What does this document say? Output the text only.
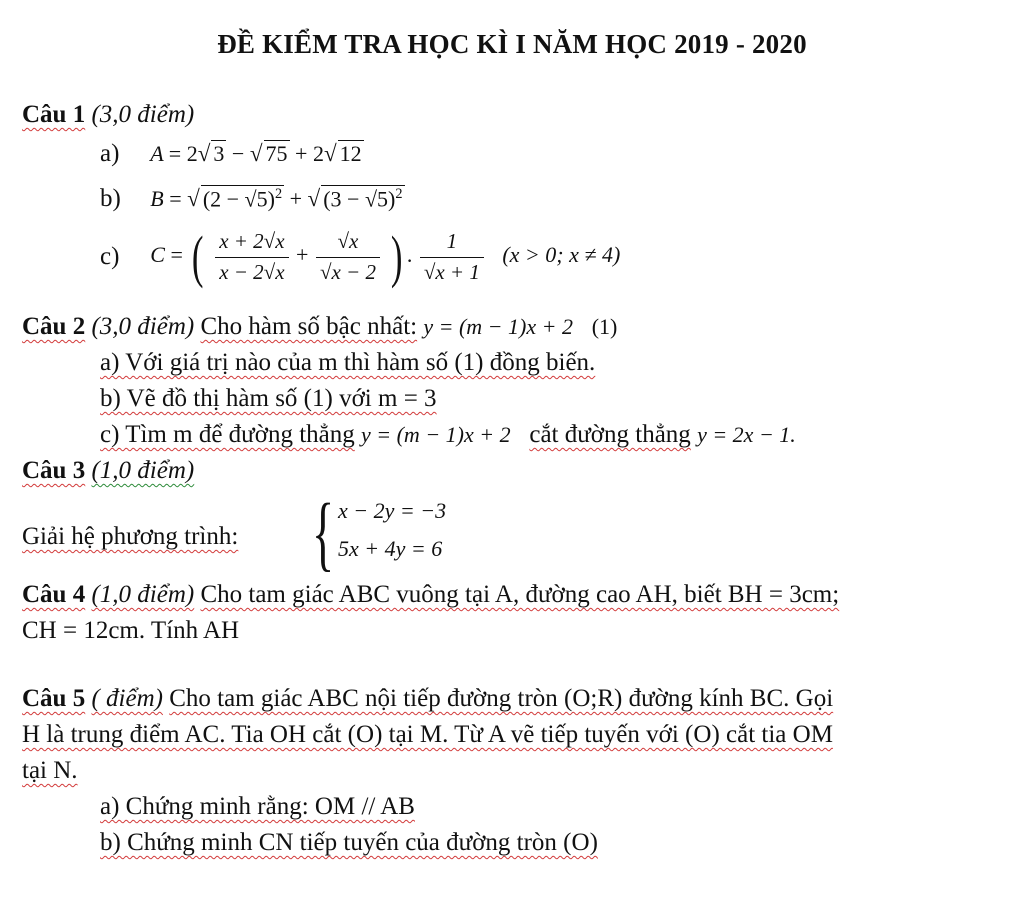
ĐỀ KIỂM TRA HỌC KÌ I NĂM HỌC 2019 - 2020
Câu 1 (3,0 điểm)
a) A = 2 √ 3 − √ 75 + 2 √ 12
b) B = √ $(2 - √5)^2$ + √ $(3 - √5)^2$
c) C = ( $\frac{x + 2√x}{x - 2√x} + \frac{√x}{√x - 2}$ ) . $\frac{1}{√x + 1} (x > 0$; x ≠ 4)
Câu 2 (3,0 điểm) Cho hàm số bậc nhất: y = (m − 1)x + 2 (1)
a) Với giá trị nào của m thì hàm số (1) đồng biến.
b) Vẽ đồ thị hàm số (1) với m = 3
c) Tìm m để đường thẳng y = (m − 1)x + 2 cắt đường thẳng y = 2x − 1.
Câu 3 (1,0 điểm)
Giải hệ phương trình: { x − 2y = −3
5x + 4y = 6
Câu 4 (1,0 điểm) Cho tam giác ABC vuông tại A, đường cao AH, biết BH = 3cm;
CH = 12cm. Tính AH
Câu 5 ( điểm) Cho tam giác ABC nội tiếp đường tròn (O;R) đường kính BC. Gọi
H là trung điểm AC. Tia OH cắt (O) tại M. Từ A vẽ tiếp tuyến với (O) cắt tia OM
tại N.
a) Chứng minh rằng: OM // AB
b) Chứng minh CN tiếp tuyến của đường tròn (O)
